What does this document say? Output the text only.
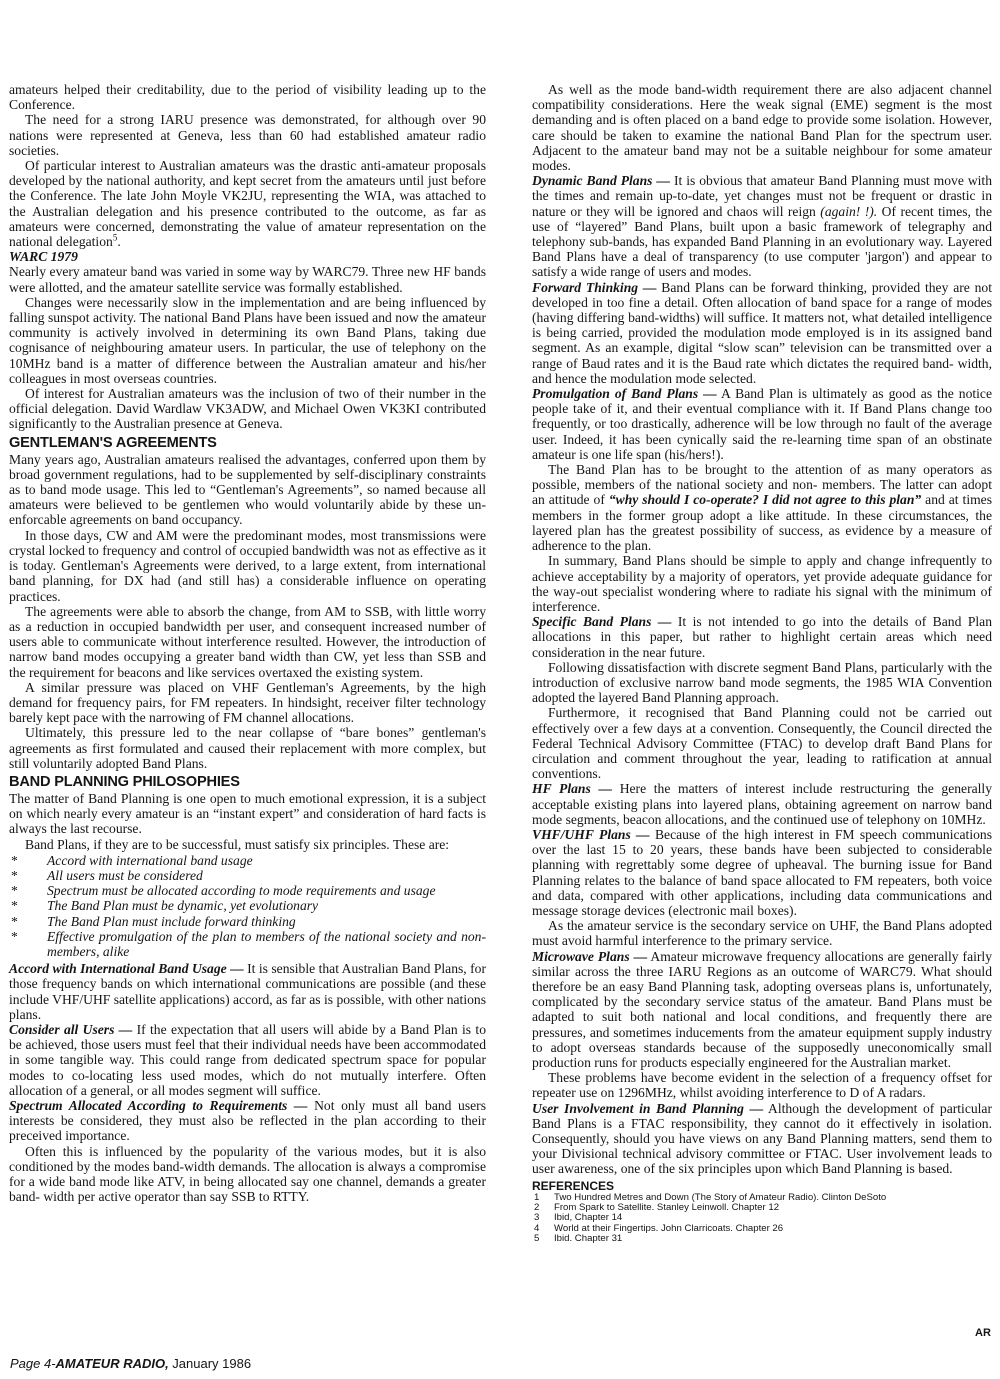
amateurs helped their creditability, due to the period of visibility leading up to the Conference.

The need for a strong IARU presence was demonstrated, for although over 90 nations were represented at Geneva, less than 60 had established amateur radio societies.

Of particular interest to Australian amateurs was the drastic anti-amateur proposals developed by the national authority, and kept secret from the amateurs until just before the Conference. The late John Moyle VK2JU, representing the WIA, was attached to the Australian delegation and his presence contributed to the outcome, as far as amateurs were concerned, demonstrating the value of amateur representation on the national delegation$^5$.

WARC 1979

Nearly every amateur band was varied in some way by WARC79. Three new HF bands were allotted, and the amateur satellite service was formally established.

Changes were necessarily slow in the implementation and are being influenced by falling sunspot activity. The national Band Plans have been issued and now the amateur community is actively involved in determining its own Band Plans, taking due cognisance of neighbouring amateur users. In particular, the use of telephony on the 10MHz band is a matter of difference between the Australian amateur and his/her colleagues in most overseas countries.

Of interest for Australian amateurs was the inclusion of two of their number in the official delegation. David Wardlaw VK3ADW, and Michael Owen VK3KI contributed significantly to the Australian presence at Geneva.

GENTLEMAN'S AGREEMENTS

Many years ago, Australian amateurs realised the advantages, conferred upon them by broad government regulations, had to be supplemented by self-disciplinary constraints as to band mode usage. This led to “Gentleman's Agreements”, so named because all amateurs were believed to be gentlemen who would voluntarily abide by these un-enforcable agreements on band occupancy.

In those days, CW and AM were the predominant modes, most transmissions were crystal locked to frequency and control of occupied bandwidth was not as effective as it is today. Gentleman's Agreements were derived, to a large extent, from international band planning, for DX had (and still has) a considerable influence on operating practices.

The agreements were able to absorb the change, from AM to SSB, with little worry as a reduction in occupied bandwidth per user, and consequent increased number of users able to communicate without interference resulted. However, the introduction of narrow band modes occupying a greater band width than CW, yet less than SSB and the requirement for beacons and like services overtaxed the existing system.

A similar pressure was placed on VHF Gentleman's Agreements, by the high demand for frequency pairs, for FM repeaters. In hindsight, receiver filter technology barely kept pace with the narrowing of FM channel allocations.

Ultimately, this pressure led to the near collapse of “bare bones” gentleman's agreements as first formulated and caused their replacement with more complex, but still voluntarily adopted Band Plans.

BAND PLANNING PHILOSOPHIES

The matter of Band Planning is one open to much emotional expression, it is a subject on which nearly every amateur is an “instant expert” and consideration of hard facts is always the last recourse.

Band Plans, if they are to be successful, must satisfy six principles. These are:

* Accord with international band usage
* All users must be considered
* Spectrum must be allocated according to mode requirements and usage
* The Band Plan must be dynamic, yet evolutionary
* The Band Plan must include forward thinking
* Effective promulgation of the plan to members of the national society and non-members, alike

Accord with International Band Usage — It is sensible that Australian Band Plans, for those frequency bands on which international communications are possible (and these include VHF/UHF satellite applications) accord, as far as is possible, with other nations plans.

Consider all Users — If the expectation that all users will abide by a Band Plan is to be achieved, those users must feel that their individual needs have been accommodated in some tangible way. This could range from dedicated spectrum space for popular modes to co-locating less used modes, which do not mutually interfere. Often allocation of a general, or all modes segment will suffice.

Spectrum Allocated According to Requirements — Not only must all band users interests be considered, they must also be reflected in the plan according to their preceived importance.

Often this is influenced by the popularity of the various modes, but it is also conditioned by the modes band-width demands. The allocation is always a compromise for a wide band mode like ATV, in being allocated say one channel, demands a greater band- width per active operator than say SSB to RTTY.

As well as the mode band-width requirement there are also adjacent channel compatibility considerations. Here the weak signal (EME) segment is the most demanding and is often placed on a band edge to provide some isolation. However, care should be taken to examine the national Band Plan for the spectrum user. Adjacent to the amateur band may not be a suitable neighbour for some amateur modes.

Dynamic Band Plans — It is obvious that amateur Band Planning must move with the times and remain up-to-date, yet changes must not be frequent or drastic in nature or they will be ignored and chaos will reign (again! !). Of recent times, the use of “layered” Band Plans, built upon a basic framework of telegraphy and telephony sub-bands, has expanded Band Planning in an evolutionary way. Layered Band Plans have a deal of transparency (to use computer 'jargon') and appear to satisfy a wide range of users and modes.

Forward Thinking — Band Plans can be forward thinking, provided they are not developed in too fine a detail. Often allocation of band space for a range of modes (having differing band-widths) will suffice. It matters not, what detailed intelligence is being carried, provided the modulation mode employed is in its assigned band segment. As an example, digital “slow scan” television can be transmitted over a range of Baud rates and it is the Baud rate which dictates the required band- width, and hence the modulation mode selected.

Promulgation of Band Plans — A Band Plan is ultimately as good as the notice people take of it, and their eventual compliance with it. If Band Plans change too frequently, or too drastically, adherence will be low through no fault of the average user. Indeed, it has been cynically said the re-learning time span of an obstinate amateur is one life span (his/hers!).

The Band Plan has to be brought to the attention of as many operators as possible, members of the national society and non- members. The latter can adopt an attitude of “why should I co-operate? I did not agree to this plan” and at times members in the former group adopt a like attitude. In these circumstances, the layered plan has the greatest possibility of success, as evidence by a measure of adherence to the plan.

In summary, Band Plans should be simple to apply and change infrequently to achieve acceptability by a majority of operators, yet provide adequate guidance for the way-out specialist wondering where to radiate his signal with the minimum of interference.

Specific Band Plans — It is not intended to go into the details of Band Plan allocations in this paper, but rather to highlight certain areas which need consideration in the near future.

Following dissatisfaction with discrete segment Band Plans, particularly with the introduction of exclusive narrow band mode segments, the 1985 WIA Convention adopted the layered Band Planning approach.

Furthermore, it recognised that Band Planning could not be carried out effectively over a few days at a convention. Consequently, the Council directed the Federal Technical Advisory Committee (FTAC) to develop draft Band Plans for circulation and comment throughout the year, leading to ratification at annual conventions.

HF Plans — Here the matters of interest include restructuring the generally acceptable existing plans into layered plans, obtaining agreement on narrow band mode segments, beacon allocations, and the continued use of telephony on 10MHz.

VHF/UHF Plans — Because of the high interest in FM speech communications over the last 15 to 20 years, these bands have been subjected to considerable planning with regrettably some degree of upheaval. The burning issue for Band Planning relates to the balance of band space allocated to FM repeaters, both voice and data, compared with other applications, including data communications and message storage devices (electronic mail boxes).

As the amateur service is the secondary service on UHF, the Band Plans adopted must avoid harmful interference to the primary service.

Microwave Plans — Amateur microwave frequency allocations are generally fairly similar across the three IARU Regions as an outcome of WARC79. What should therefore be an easy Band Planning task, adopting overseas plans is, unfortunately, complicated by the secondary service status of the amateur. Band Plans must be adapted to suit both national and local conditions, and frequently there are pressures, and sometimes inducements from the amateur equipment supply industry to adopt overseas standards because of the supposedly uneconomically small production runs for products especially engineered for the Australian market.

These problems have become evident in the selection of a frequency offset for repeater use on 1296MHz, whilst avoiding interference to D of A radars.

User Involvement in Band Planning — Although the development of particular Band Plans is a FTAC responsibility, they cannot do it effectively in isolation. Consequently, should you have views on any Band Planning matters, send them to your Divisional technical advisory committee or FTAC. User involvement leads to user awareness, one of the six principles upon which Band Planning is based.

REFERENCES
1 Two Hundred Metres and Down (The Story of Amateur Radio). Clinton DeSoto
2 From Spark to Satellite. Stanley Leinwoll. Chapter 12
3 Ibid, Chapter 14
4 World at their Fingertips. John Clarricoats. Chapter 26
5 Ibid. Chapter 31
AR
Page 4-AMATEUR RADIO, January 1986
